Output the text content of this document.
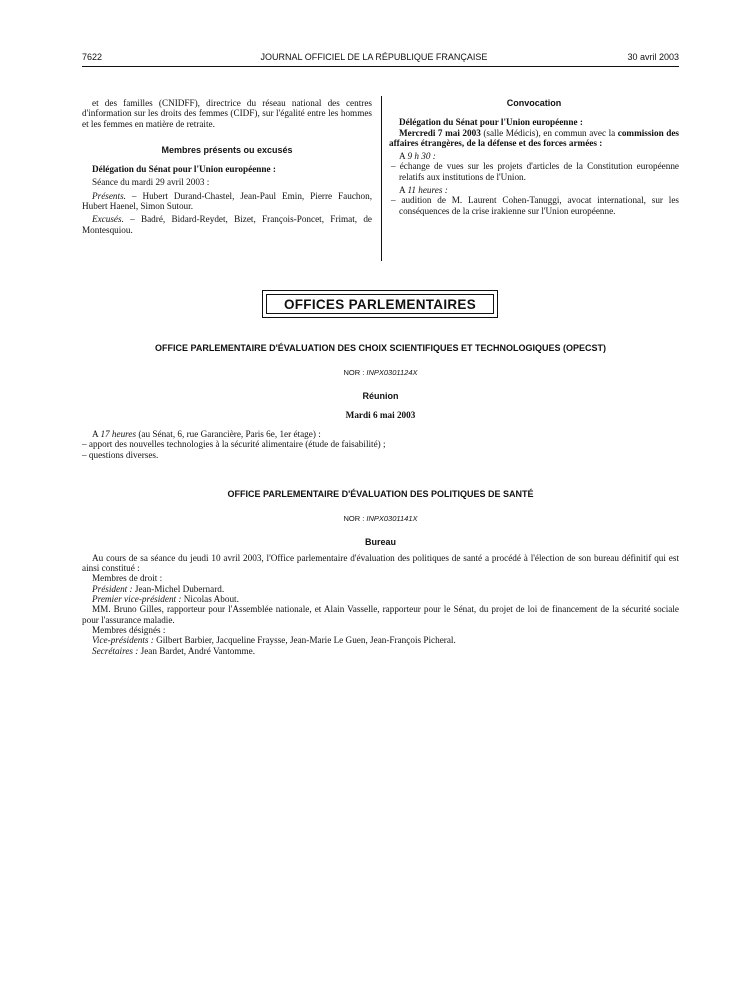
7622	JOURNAL OFFICIEL DE LA RÉPUBLIQUE FRANÇAISE	30 avril 2003

et des familles (CNIDFF), directrice du réseau national des centres d'information sur les droits des femmes (CIDF), sur l'égalité entre les hommes et les femmes en matière de retraite.

Membres présents ou excusés

Délégation du Sénat pour l'Union européenne :

Séance du mardi 29 avril 2003 :

Présents. – Hubert Durand-Chastel, Jean-Paul Emin, Pierre Fauchon, Hubert Haenel, Simon Sutour.

Excusés. – Badré, Bidard-Reydet, Bizet, François-Poncet, Frimat, de Montesquiou.

Convocation

Délégation du Sénat pour l'Union européenne :

Mercredi 7 mai 2003 (salle Médicis), en commun avec la commission des affaires étrangères, de la défense et des forces armées :

A 9 h 30 :

– échange de vues sur les projets d'articles de la Constitution européenne relatifs aux institutions de l'Union.

A 11 heures :

– audition de M. Laurent Cohen-Tanuggi, avocat international, sur les conséquences de la crise irakienne sur l'Union européenne.

OFFICES PARLEMENTAIRES

OFFICE PARLEMENTAIRE D'ÉVALUATION DES CHOIX SCIENTIFIQUES ET TECHNOLOGIQUES (OPECST)

NOR : INPX0301124X

Réunion

Mardi 6 mai 2003

A 17 heures (au Sénat, 6, rue Garancière, Paris 6e, 1er étage) :

– apport des nouvelles technologies à la sécurité alimentaire (étude de faisabilité) ;

– questions diverses.

OFFICE PARLEMENTAIRE D'ÉVALUATION DES POLITIQUES DE SANTÉ

NOR : INPX0301141X

Bureau

Au cours de sa séance du jeudi 10 avril 2003, l'Office parlementaire d'évaluation des politiques de santé a procédé à l'élection de son bureau définitif qui est ainsi constitué :

Membres de droit :

Président : Jean-Michel Dubernard.

Premier vice-président : Nicolas About.

MM. Bruno Gilles, rapporteur pour l'Assemblée nationale, et Alain Vasselle, rapporteur pour le Sénat, du projet de loi de financement de la sécurité sociale pour l'assurance maladie.

Membres désignés :

Vice-présidents : Gilbert Barbier, Jacqueline Fraysse, Jean-Marie Le Guen, Jean-François Picheral.

Secrétaires : Jean Bardet, André Vantomme.
